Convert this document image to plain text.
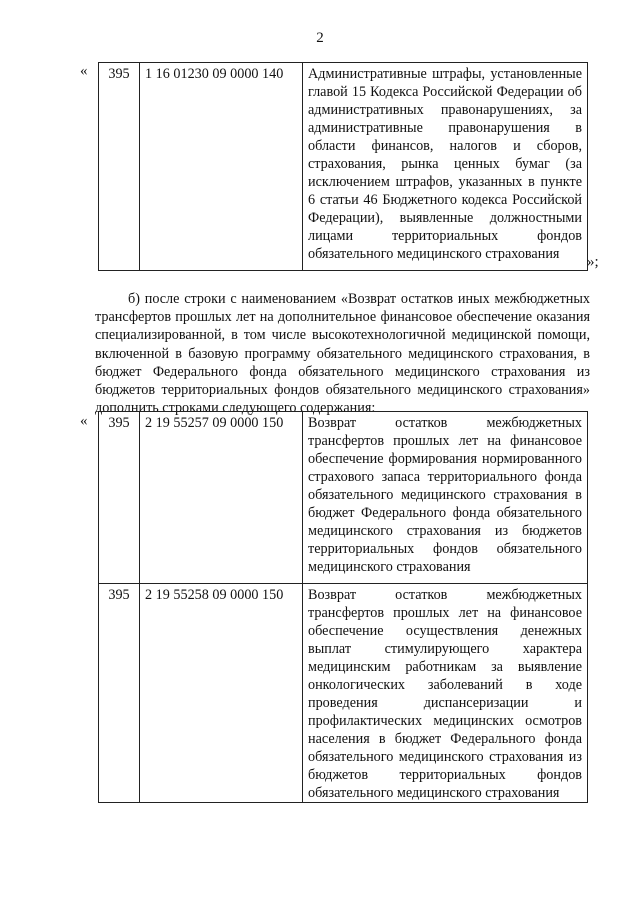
2
« 395	1 16 01230 09 0000 140	Административные штрафы, установленные главой 15 Кодекса Российской Федерации об административных правонарушениях, за административные правонарушения в области финансов, налогов и сборов, страхования, рынка ценных бумаг (за исключением штрафов, указанных в пункте 6 статьи 46 Бюджетного кодекса Российской Федерации), выявленные должностными лицами территориальных фондов обязательного медицинского страхования »;
б) после строки с наименованием «Возврат остатков иных межбюджетных трансфертов прошлых лет на дополнительное финансовое обеспечение оказания специализированной, в том числе высокотехнологичной медицинской помощи, включенной в базовую программу обязательного медицинского страхования, в бюджет Федерального фонда обязательного медицинского страхования из бюджетов территориальных фондов обязательного медицинского страхования» дополнить строками следующего содержания:
« 395	2 19 55257 09 0000 150	Возврат остатков межбюджетных трансфертов прошлых лет на финансовое обеспечение формирования нормированного страхового запаса территориального фонда обязательного медицинского страхования в бюджет Федерального фонда обязательного медицинского страхования из бюджетов территориальных фондов обязательного медицинского страхования
395	2 19 55258 09 0000 150	Возврат остатков межбюджетных трансфертов прошлых лет на финансовое обеспечение осуществления денежных выплат стимулирующего характера медицинским работникам за выявление онкологических заболеваний в ходе проведения диспансеризации и профилактических медицинских осмотров населения в бюджет Федерального фонда обязательного медицинского страхования из бюджетов территориальных фондов обязательного медицинского страхования
